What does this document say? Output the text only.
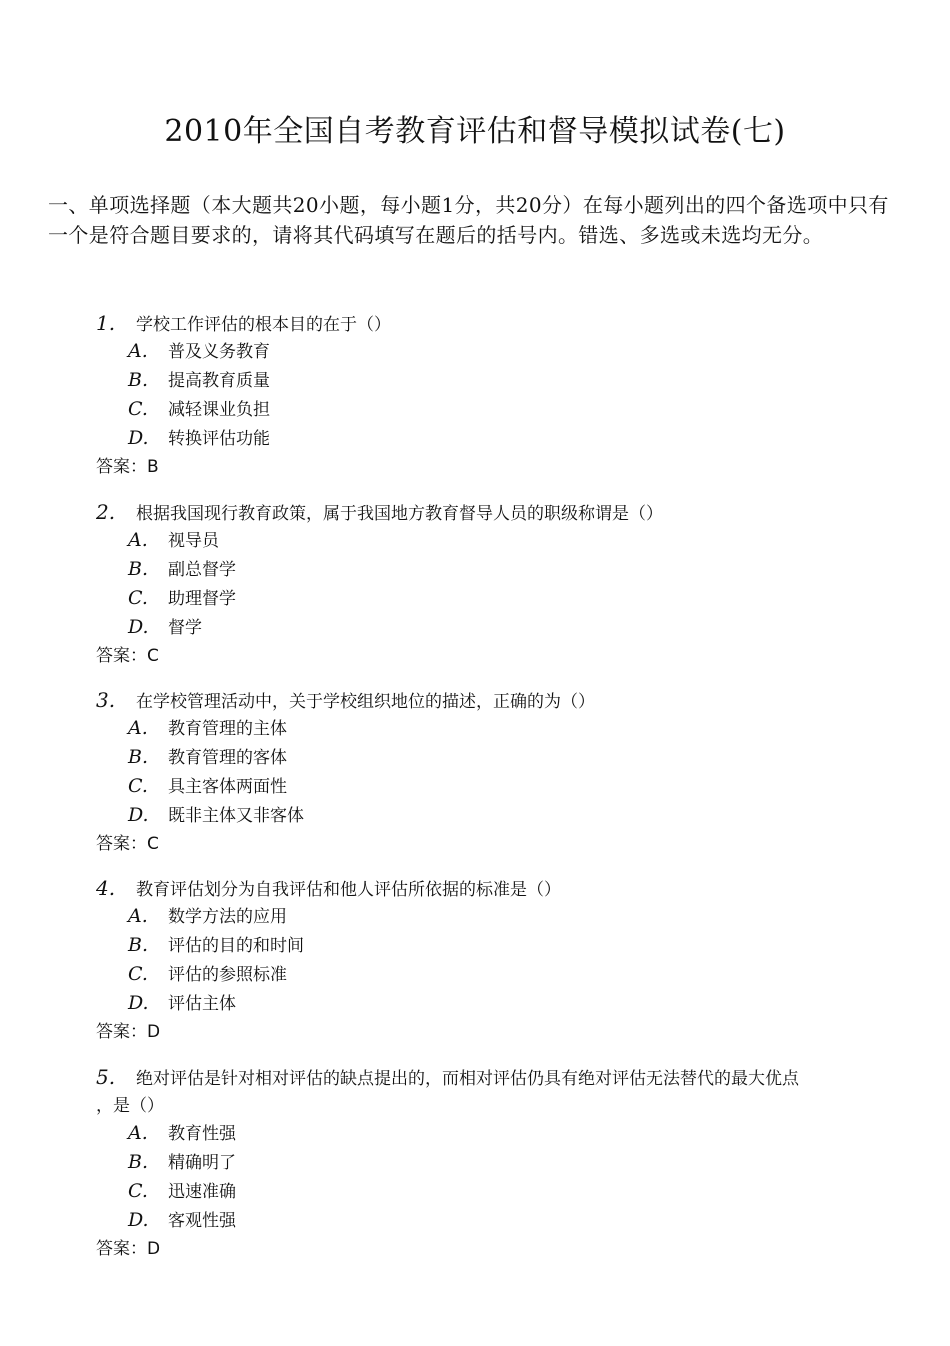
2010年全国自考教育评估和督导模拟试卷(七)
一、单项选择题（本大题共20小题，每小题1分，共20分）在每小题列出的四个备选项中只有一个是符合题目要求的，请将其代码填写在题后的括号内。错选、多选或未选均无分。
1. 学校工作评估的根本目的在于（）
A. 普及义务教育
B. 提高教育质量
C. 减轻课业负担
D. 转换评估功能
答案：B
2. 根据我国现行教育政策，属于我国地方教育督导人员的职级称谓是（）
A. 视导员
B. 副总督学
C. 助理督学
D. 督学
答案：C
3. 在学校管理活动中，关于学校组织地位的描述，正确的为（）
A. 教育管理的主体
B. 教育管理的客体
C. 具主客体两面性
D. 既非主体又非客体
答案：C
4. 教育评估划分为自我评估和他人评估所依据的标准是（）
A. 数学方法的应用
B. 评估的目的和时间
C. 评估的参照标准
D. 评估主体
答案：D
5. 绝对评估是针对相对评估的缺点提出的，而相对评估仍具有绝对评估无法替代的最大优点
，是（）
A. 教育性强
B. 精确明了
C. 迅速准确
D. 客观性强
答案：D
